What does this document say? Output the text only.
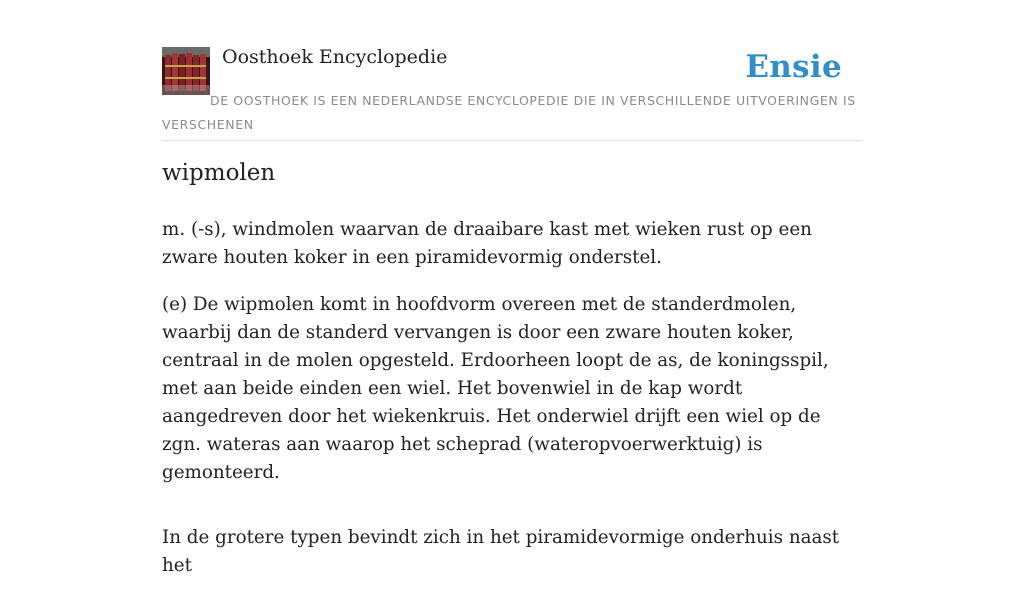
Oosthoek Encyclopedie	Ensie

DE OOSTHOEK IS EEN NEDERLANDSE ENCYCLOPEDIE DIE IN VERSCHILLENDE UITVOERINGEN IS VERSCHENEN

wipmolen

m. (-s), windmolen waarvan de draaibare kast met wieken rust op een zware houten koker in een piramidevormig onderstel.

(e) De wipmolen komt in hoofdvorm overeen met de standerdmolen, waarbij dan de standerd vervangen is door een zware houten koker, centraal in de molen opgesteld. Erdoorheen loopt de as, de koningsspil, met aan beide einden een wiel. Het bovenwiel in de kap wordt aangedreven door het wiekenkruis. Het onderwiel drijft een wiel op de zgn. wateras aan waarop het scheprad (wateropvoerwerktuig) is gemonteerd.

In de grotere typen bevindt zich in het piramidevormige onderhuis naast het
